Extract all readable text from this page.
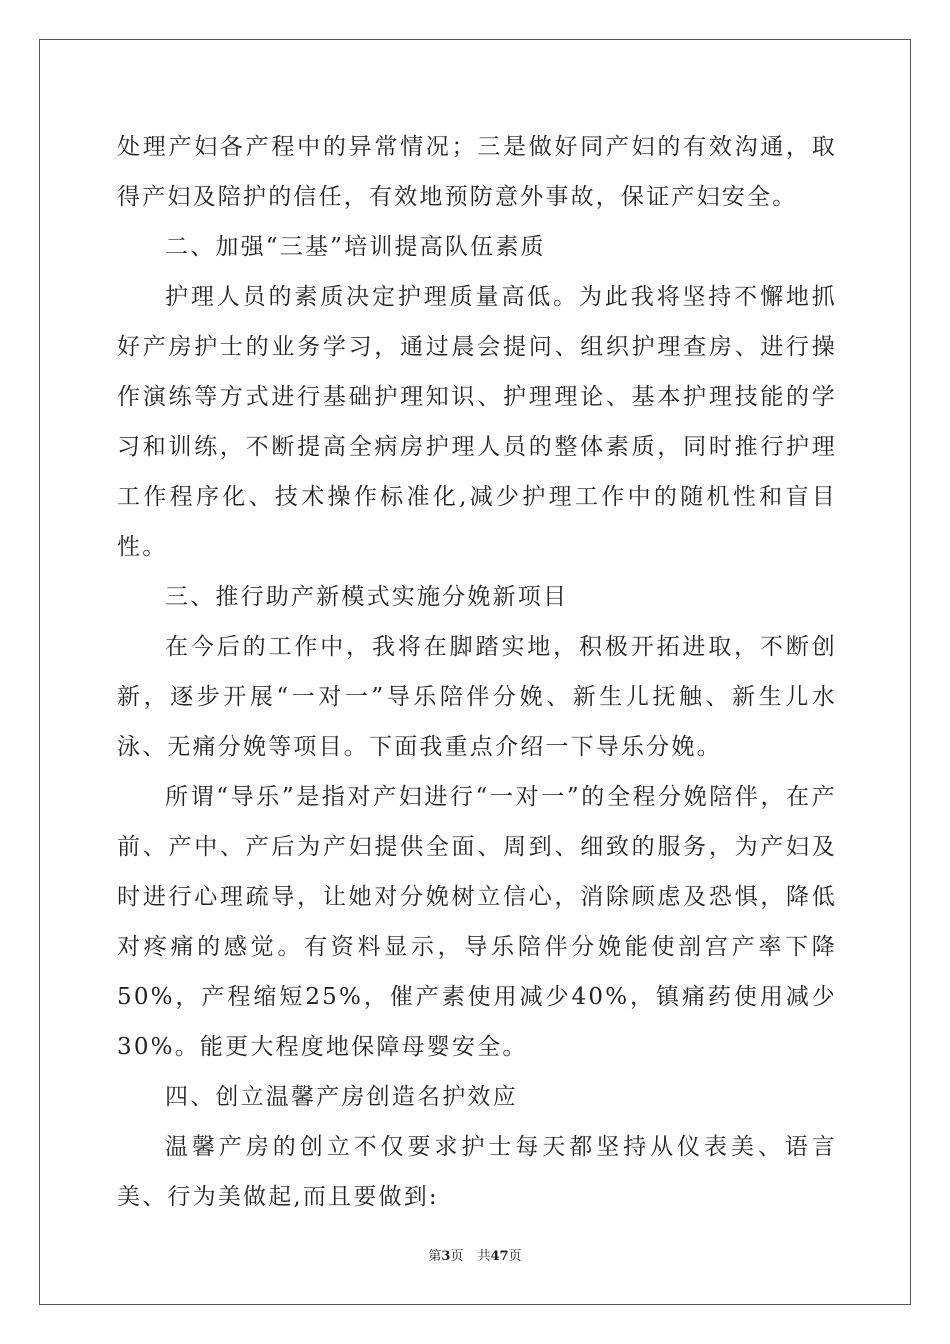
处理产妇各产程中的异常情况；三是做好同产妇的有效沟通，取得产妇及陪护的信任，有效地预防意外事故，保证产妇安全。

二、加强“三基”培训提高队伍素质

护理人员的素质决定护理质量高低。为此我将坚持不懈地抓好产房护士的业务学习，通过晨会提问、组织护理查房、进行操作演练等方式进行基础护理知识、护理理论、基本护理技能的学习和训练，不断提高全病房护理人员的整体素质，同时推行护理工作程序化、技术操作标准化,减少护理工作中的随机性和盲目性。

三、推行助产新模式实施分娩新项目

在今后的工作中，我将在脚踏实地，积极开拓进取，不断创新，逐步开展“一对一”导乐陪伴分娩、新生儿抚触、新生儿水泳、无痛分娩等项目。下面我重点介绍一下导乐分娩。

所谓“导乐”是指对产妇进行“一对一”的全程分娩陪伴，在产前、产中、产后为产妇提供全面、周到、细致的服务，为产妇及时进行心理疏导，让她对分娩树立信心，消除顾虑及恐惧，降低对疼痛的感觉。有资料显示，导乐陪伴分娩能使剖宫产率下降50%，产程缩短25%，催产素使用减少40%，镇痛药使用减少30%。能更大程度地保障母婴安全。

四、创立温馨产房创造名护效应

温馨产房的创立不仅要求护士每天都坚持从仪表美、语言美、行为美做起,而且要做到:

第3页 共47页
